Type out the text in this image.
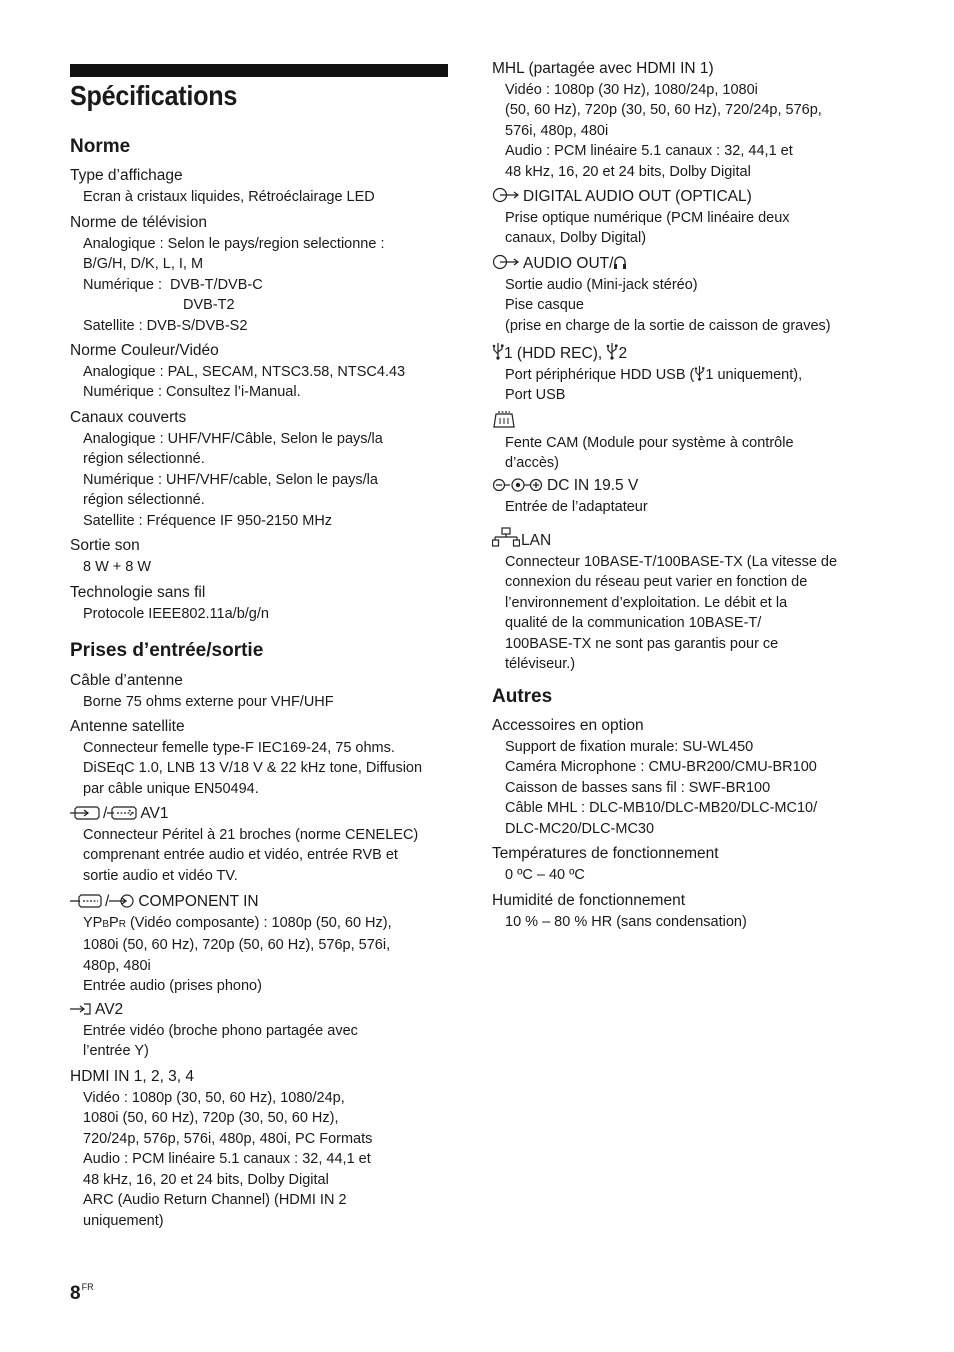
Spécifications
Norme
Type d’affichage
Ecran à cristaux liquides, Rétroéclairage LED
Norme de télévision
Analogique : Selon le pays/region selectionne :
B/G/H, D/K, L, I, M
Numérique :  DVB-T/DVB-C
DVB-T2
Satellite : DVB-S/DVB-S2
Norme Couleur/Vidéo
Analogique : PAL, SECAM, NTSC3.58, NTSC4.43
Numérique : Consultez l’i-Manual.
Canaux couverts
Analogique : UHF/VHF/Câble, Selon le pays/la
région sélectionné.
Numérique : UHF/VHF/cable, Selon le pays/la
région sélectionné.
Satellite : Fréquence IF 950-2150 MHz
Sortie son
8 W + 8 W
Technologie sans fil
Protocole IEEE802.11a/b/g/n
Prises d’entrée/sortie
Câble d’antenne
Borne 75 ohms externe pour VHF/UHF
Antenne satellite
Connecteur femelle type-F IEC169-24, 75 ohms.
DiSEqC 1.0, LNB 13 V/18 V & 22 kHz tone, Diffusion
par câble unique EN50494.
/ AV1
Connecteur Péritel à 21 broches (norme CENELEC)
comprenant entrée audio et vidéo, entrée RVB et
sortie audio et vidéo TV.
/ COMPONENT IN
YPBPR (Vidéo composante) : 1080p (50, 60 Hz),
1080i (50, 60 Hz), 720p (50, 60 Hz), 576p, 576i,
480p, 480i
Entrée audio (prises phono)
AV2
Entrée vidéo (broche phono partagée avec
l’entrée Y)
HDMI IN 1, 2, 3, 4
Vidéo : 1080p (30, 50, 60 Hz), 1080/24p,
1080i (50, 60 Hz), 720p (30, 50, 60 Hz),
720/24p, 576p, 576i, 480p, 480i, PC Formats
Audio : PCM linéaire 5.1 canaux : 32, 44,1 et
48 kHz, 16, 20 et 24 bits, Dolby Digital
ARC (Audio Return Channel) (HDMI IN 2
uniquement)
MHL (partagée avec HDMI IN 1)
Vidéo : 1080p (30 Hz), 1080/24p, 1080i
(50, 60 Hz), 720p (30, 50, 60 Hz), 720/24p, 576p,
576i, 480p, 480i
Audio : PCM linéaire 5.1 canaux : 32, 44,1 et
48 kHz, 16, 20 et 24 bits, Dolby Digital
DIGITAL AUDIO OUT (OPTICAL)
Prise optique numérique (PCM linéaire deux
canaux, Dolby Digital)
AUDIO OUT/
Sortie audio (Mini-jack stéréo)
Pise casque
(prise en charge de la sortie de caisson de graves)
1 (HDD REC),
2
Port périphérique HDD USB ( 1 uniquement),
Port USB
Fente CAM (Module pour système à contrôle
d’accès)
DC IN 19.5 V
Entrée de l’adaptateur
LAN
Connecteur 10BASE-T/100BASE-TX (La vitesse de
connexion du réseau peut varier en fonction de
l’environnement d’exploitation. Le débit et la
qualité de la communication 10BASE-T/
100BASE-TX ne sont pas garantis pour ce
téléviseur.)
Autres
Accessoires en option
Support de fixation murale: SU-WL450
Caméra Microphone : CMU-BR200/CMU-BR100
Caisson de basses sans fil : SWF-BR100
Câble MHL : DLC-MB10/DLC-MB20/DLC-MC10/
DLC-MC20/DLC-MC30
Températures de fonctionnement
0 ºC – 40 ºC
Humidité de fonctionnement
10 % – 80 % HR (sans condensation)
$8^{FR}$
